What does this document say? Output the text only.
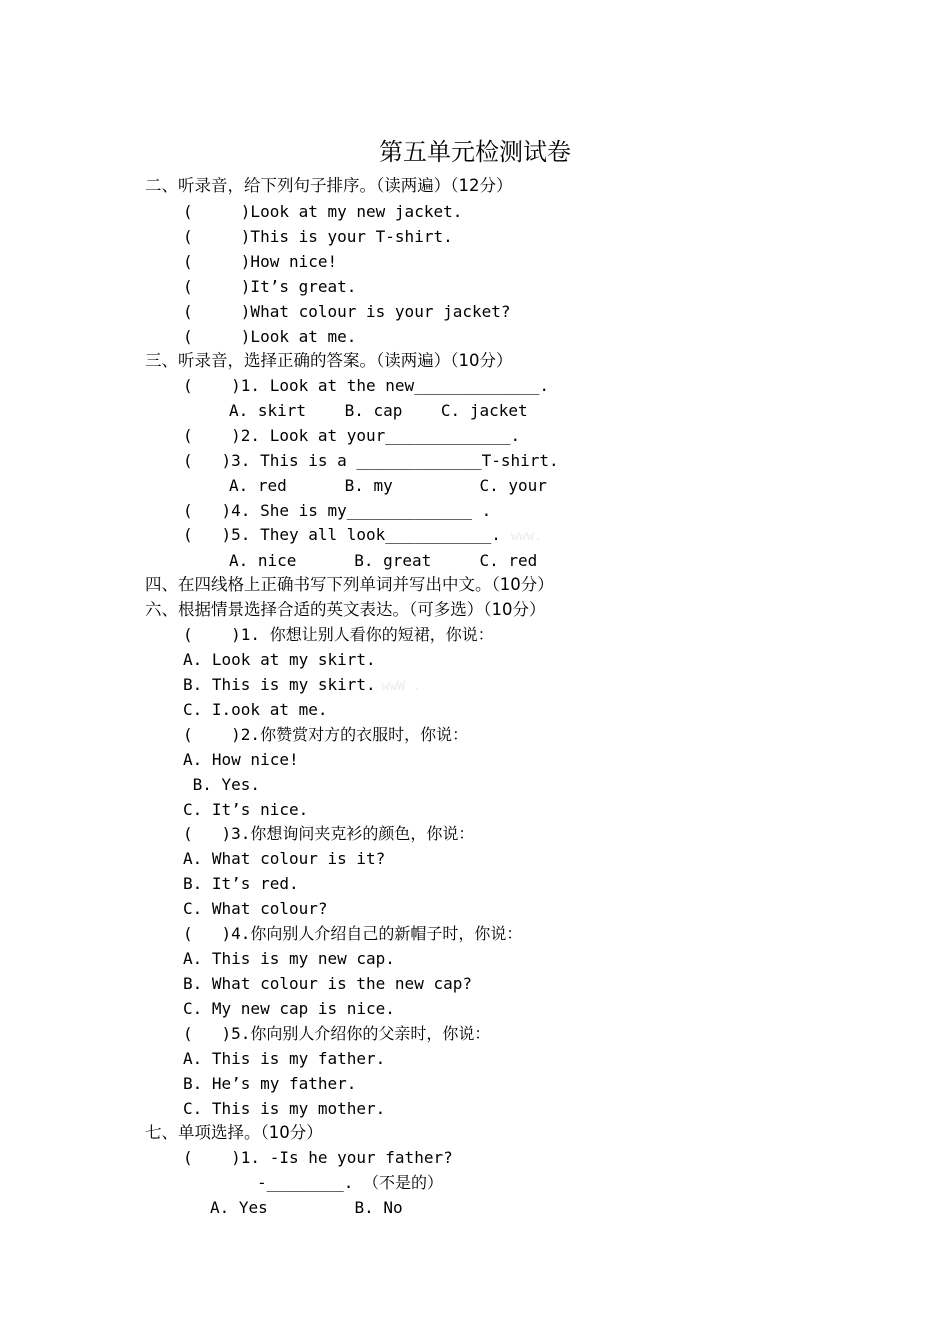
第五单元检测试卷
二、听录音，给下列句子排序。（读两遍）（12分）
(     )Look at my new jacket.
(     )This is your T-shirt.
(     )How nice!
(     )It’s great.
(     )What colour is your jacket?
(     )Look at me.
三、听录音，选择正确的答案。（读两遍）（10分）
(    )1. Look at the new_____________.
A. skirt    B. cap    C. jacket
(    )2. Look at your_____________.
(   )3. This is a _____________T-shirt.
A. red      B. my         C. your
(   )4. She is my_____________ .
(   )5. They all look___________. www.
A. nice      B. great     C. red
四、在四线格上正确书写下列单词并写出中文。（10分）
六、根据情景选择合适的英文表达。（可多选）（10分）
(    )1. 你想让别人看你的短裙，你说：
A. Look at my skirt.
B. This is my skirt. wwW .
C. I.ook at me.
(    )2.你赞赏对方的衣服时，你说：
A. How nice!
B. Yes.
C. It’s nice.
(   )3.你想询问夹克衫的颜色，你说：
A. What colour is it?
B. It’s red.
C. What colour?
(   )4.你向别人介绍自己的新帽子时，你说：
A. This is my new cap.
B. What colour is the new cap?
C. My new cap is nice.
(   )5.你向别人介绍你的父亲时，你说：
A. This is my father.
B. He’s my father.
C. This is my mother.
七、单项选择。（10分）
(    )1. -Is he your father?
-________. （不是的）
A. Yes         B. No
